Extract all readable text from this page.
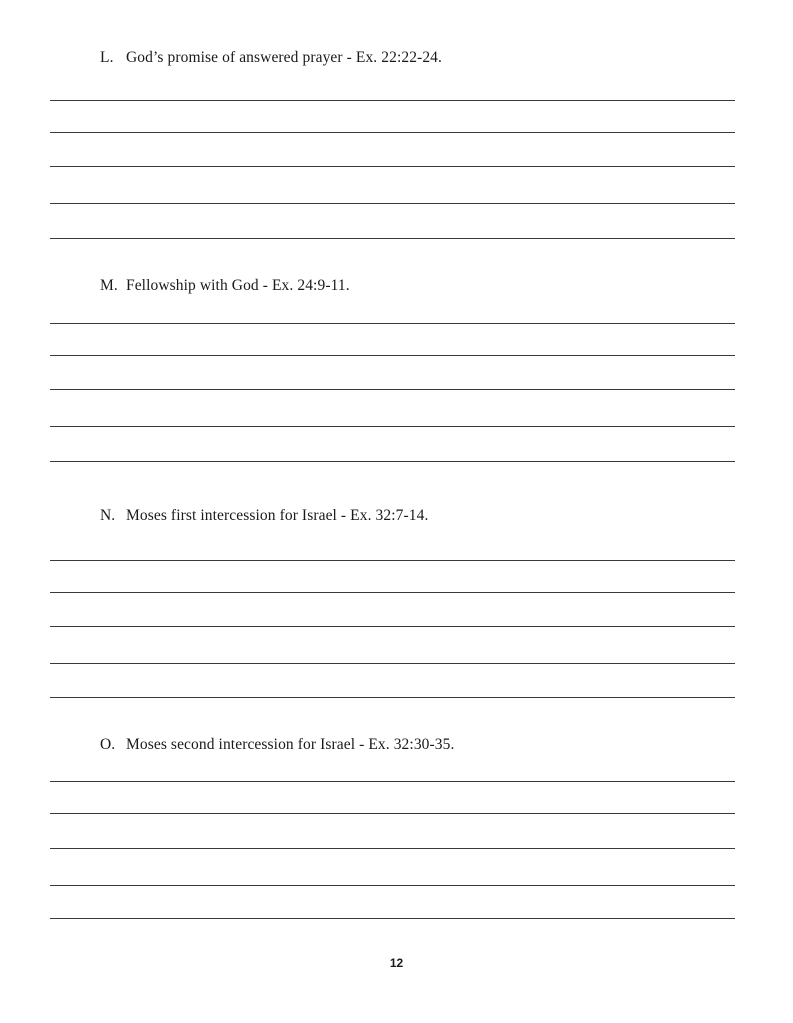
L. God’s promise of answered prayer - Ex. 22:22-24.
M. Fellowship with God - Ex. 24:9-11.
N. Moses first intercession for Israel - Ex. 32:7-14.
O. Moses second intercession for Israel - Ex. 32:30-35.
12
